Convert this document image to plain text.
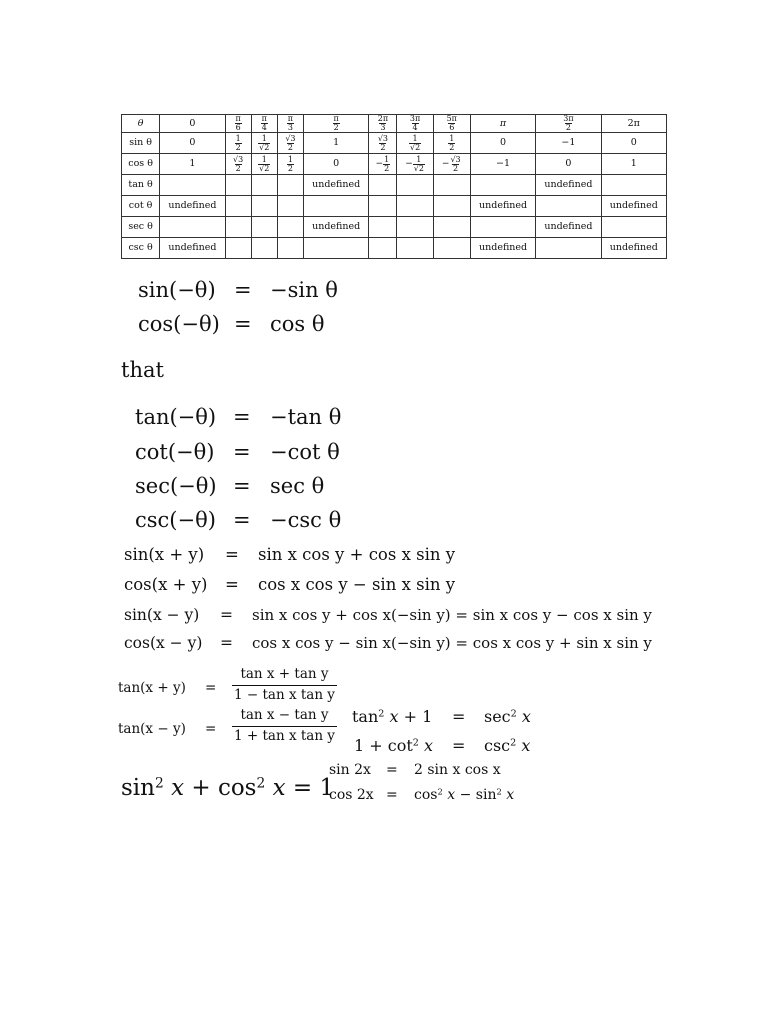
θ	0	$\frac{\pi}{6}$	$\frac{\pi}{4}$	$\frac{\pi}{3}$	$\frac{\pi}{2}$	$\frac{2\pi}{3}$	$\frac{3\pi}{4}$	$\frac{5\pi}{6}$	π	$\frac{3\pi}{2}$	2π
sin θ	0	$\frac{1}{2}$	$\frac{1}{√2}$	$\frac{√3}{2}$	1	$\frac{√3}{2}$	$\frac{1}{√2}$	$\frac{1}{2}$	0	−1	0
cos θ	1	$\frac{√3}{2}$	$\frac{1}{√2}$	$\frac{1}{2}$	0	− $\frac{1}{2}$	− $\frac{1}{√2}$	− $\frac{√3}{2}$	−1	0	1
tan θ					undefined					undefined	
cot θ	undefined								undefined		undefined
sec θ					undefined					undefined	
csc θ	undefined								undefined		undefined
sin(−θ) = −sin θ
cos(−θ) = cos θ
that
tan(−θ) = −tan θ
cot(−θ) = −cot θ
sec(−θ) = sec θ
csc(−θ) = −csc θ
sin(x + y) = sin x cos y + cos x sin y
cos(x + y) = cos x cos y − sin x sin y
sin(x − y) = sin x cos y + cos x(−sin y) = sin x cos y − cos x sin y
cos(x − y) = cos x cos y − sin x(−sin y) = cos x cos y + sin x sin y
$\tan(x + y) = \frac{\text{tan x + tan y}}{\text{1 − tan x tan y}}$
$\tan(x - y) = \frac{\text{tan x − tan y}}{\text{1 + tan x tan y}} \tan^2 x + 1 = \sec^2 x$
$1 + \cot^2 x = \csc^2 x$
$\sin^2 x + \cos^2 x = 1$
sin 2x = 2 sin x cos x
$\cos 2x = \cos^2 x - \sin^2 x$
